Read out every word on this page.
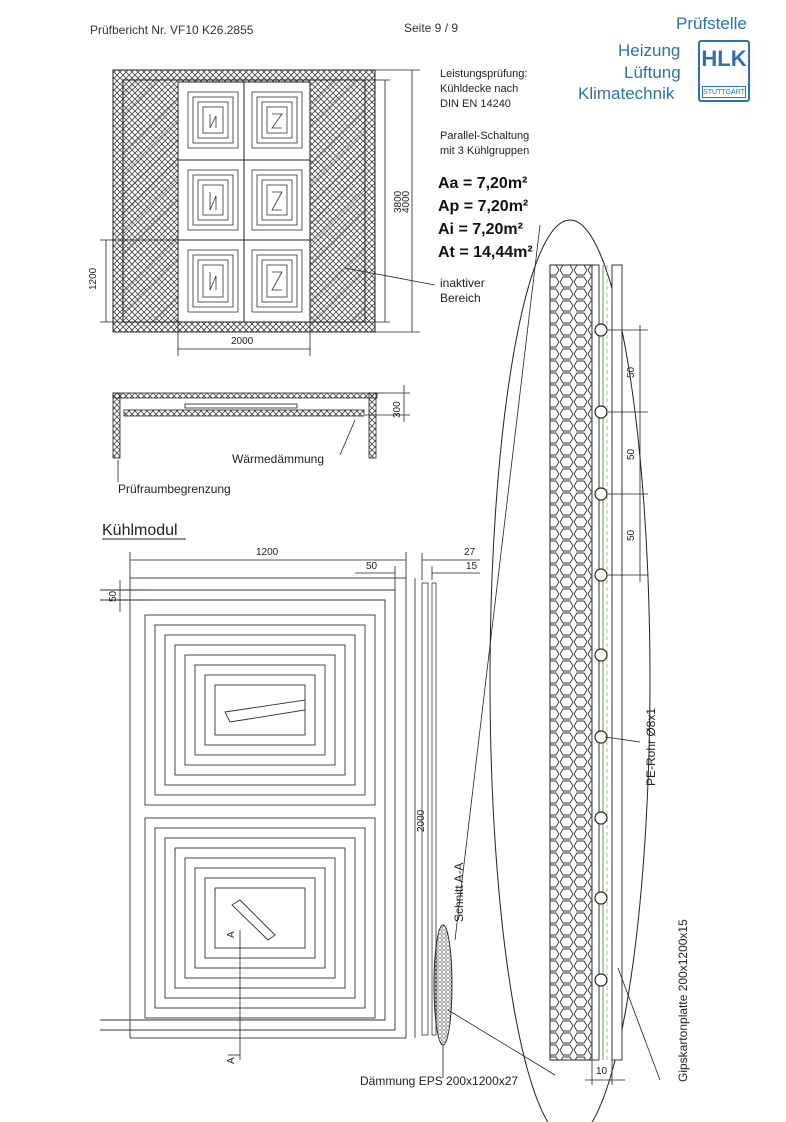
Prüfbericht Nr. VF10 K26.2855	Seite 9 / 9	Prüfstelle
Heizung
Lüftung
Klimatechnik
HLK
STUTTGART
Leistungsprüfung:
Kühldecke nach
DIN EN 14240
Parallel-Schaltung
mit 3 Kühlgruppen
Aa = 7,20m²
Ap = 7,20m²
Ai = 7,20m²
At = 14,44m²
inaktiver
Bereich
2000
1200
3800
4000
300
Wärmedämmung
Prüfraumbegrenzung
Kühlmodul
1200
50
50
27
15
2000
Schnitt A-A
A
A
Dämmung EPS 200x1200x27
50
50
50
PE-Rohr Ø8x1
Gipskartonplatte 200x1200x15
10
